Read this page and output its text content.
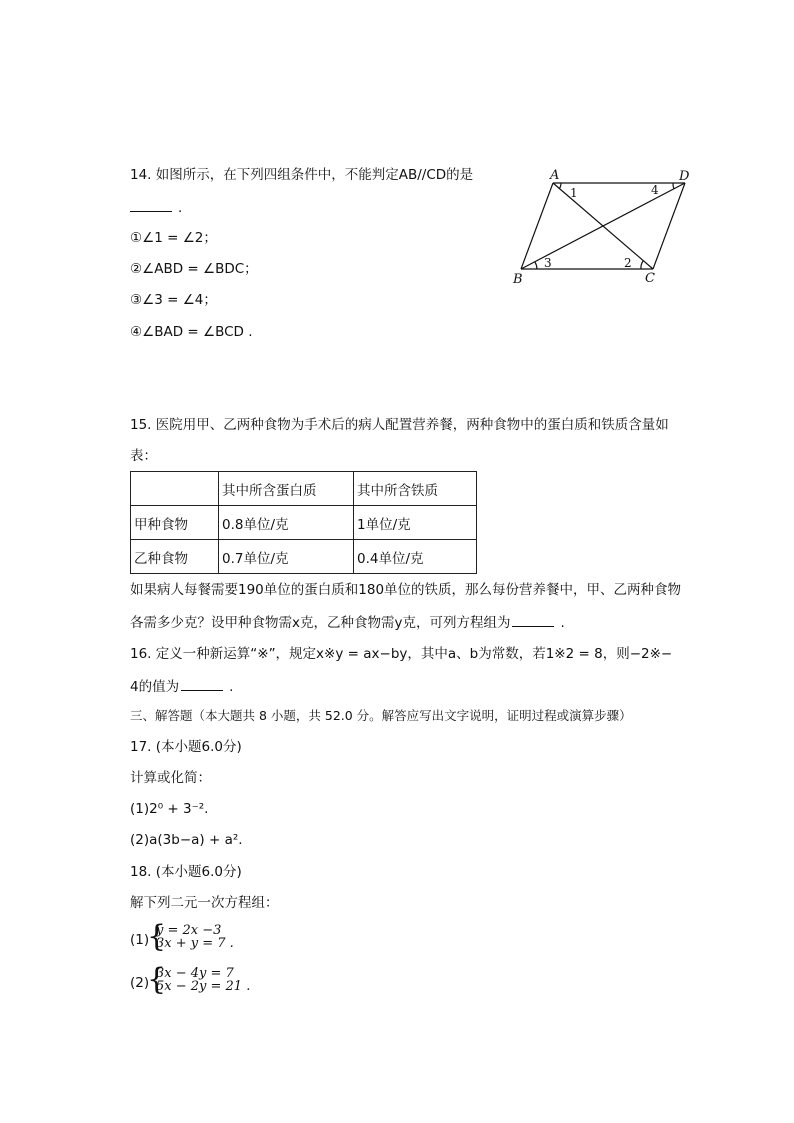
14. 如图所示，在下列四组条件中，不能判定AB//CD的是
.
①∠1 = ∠2；
②∠ABD = ∠BDC；
③∠3 = ∠4；
④∠BAD = ∠BCD .
A	D
B	C
1
2
3
4
15. 医院用甲、乙两种食物为手术后的病人配置营养餐，两种食物中的蛋白质和铁质含量如
表：
	其中所含蛋白质	其中所含铁质
甲种食物	0.8单位/克	1单位/克
乙种食物	0.7单位/克	0.4单位/克
如果病人每餐需要190单位的蛋白质和180单位的铁质，那么每份营养餐中，甲、乙两种食物
各需多少克？设甲种食物需x克，乙种食物需y克，可列方程组为	.
16. 定义一种新运算“※”，规定x※y = ax−by，其中a、b为常数，若1※2 = 8，则−2※−
4的值为	.
三、解答题（本大题共 8 小题，共 52.0 分。解答应写出文字说明，证明过程或演算步骤）
17. (本小题6.0分)
计算或化简：
(1)2⁰ + 3⁻².
(2)a(3b−a) + a².
18. (本小题6.0分)
解下列二元一次方程组：
(1)
{
y = 2x −3
3x + y = 7 .
(2)
{
3x − 4y = 7
5x − 2y = 21 .
